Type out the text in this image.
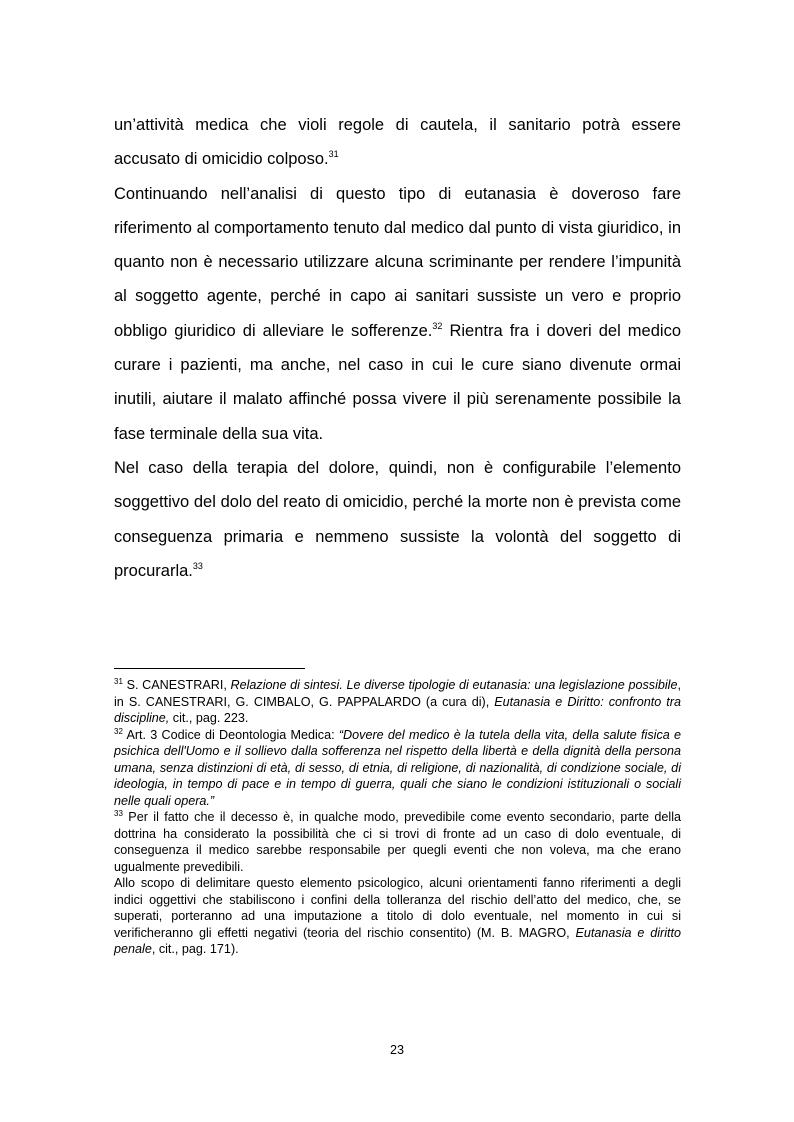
un’attività medica che violi regole di cautela, il sanitario potrà essere accusato di omicidio colposo.$^{31}$

Continuando nell’analisi di questo tipo di eutanasia è doveroso fare riferimento al comportamento tenuto dal medico dal punto di vista giuridico, in quanto non è necessario utilizzare alcuna scriminante per rendere l’impunità al soggetto agente, perché in capo ai sanitari sussiste un vero e proprio obbligo giuridico di alleviare le sofferenze.$^{32}$ Rientra fra i doveri del medico curare i pazienti, ma anche, nel caso in cui le cure siano divenute ormai inutili, aiutare il malato affinché possa vivere il più serenamente possibile la fase terminale della sua vita.

Nel caso della terapia del dolore, quindi, non è configurabile l’elemento soggettivo del dolo del reato di omicidio, perché la morte non è prevista come conseguenza primaria e nemmeno sussiste la volontà del soggetto di procurarla.$^{33}$

$^{31}$ S. CANESTRARI, Relazione di sintesi. Le diverse tipologie di eutanasia: una legislazione possibile, in S. CANESTRARI, G. CIMBALO, G. PAPPALARDO (a cura di), Eutanasia e Diritto: confronto tra discipline, cit., pag. 223.

$^{32}$ Art. 3 Codice di Deontologia Medica: “Dovere del medico è la tutela della vita, della salute fisica e psichica dell'Uomo e il sollievo dalla sofferenza nel rispetto della libertà e della dignità della persona umana, senza distinzioni di età, di sesso, di etnia, di religione, di nazionalità, di condizione sociale, di ideologia, in tempo di pace e in tempo di guerra, quali che siano le condizioni istituzionali o sociali nelle quali opera.”

$^{33}$ Per il fatto che il decesso è, in qualche modo, prevedibile come evento secondario, parte della dottrina ha considerato la possibilità che ci si trovi di fronte ad un caso di dolo eventuale, di conseguenza il medico sarebbe responsabile per quegli eventi che non voleva, ma che erano ugualmente prevedibili.

Allo scopo di delimitare questo elemento psicologico, alcuni orientamenti fanno riferimenti a degli indici oggettivi che stabiliscono i confini della tolleranza del rischio dell’atto del medico, che, se superati, porteranno ad una imputazione a titolo di dolo eventuale, nel momento in cui si verificheranno gli effetti negativi (teoria del rischio consentito) (M. B. MAGRO, Eutanasia e diritto penale, cit., pag. 171).

23
